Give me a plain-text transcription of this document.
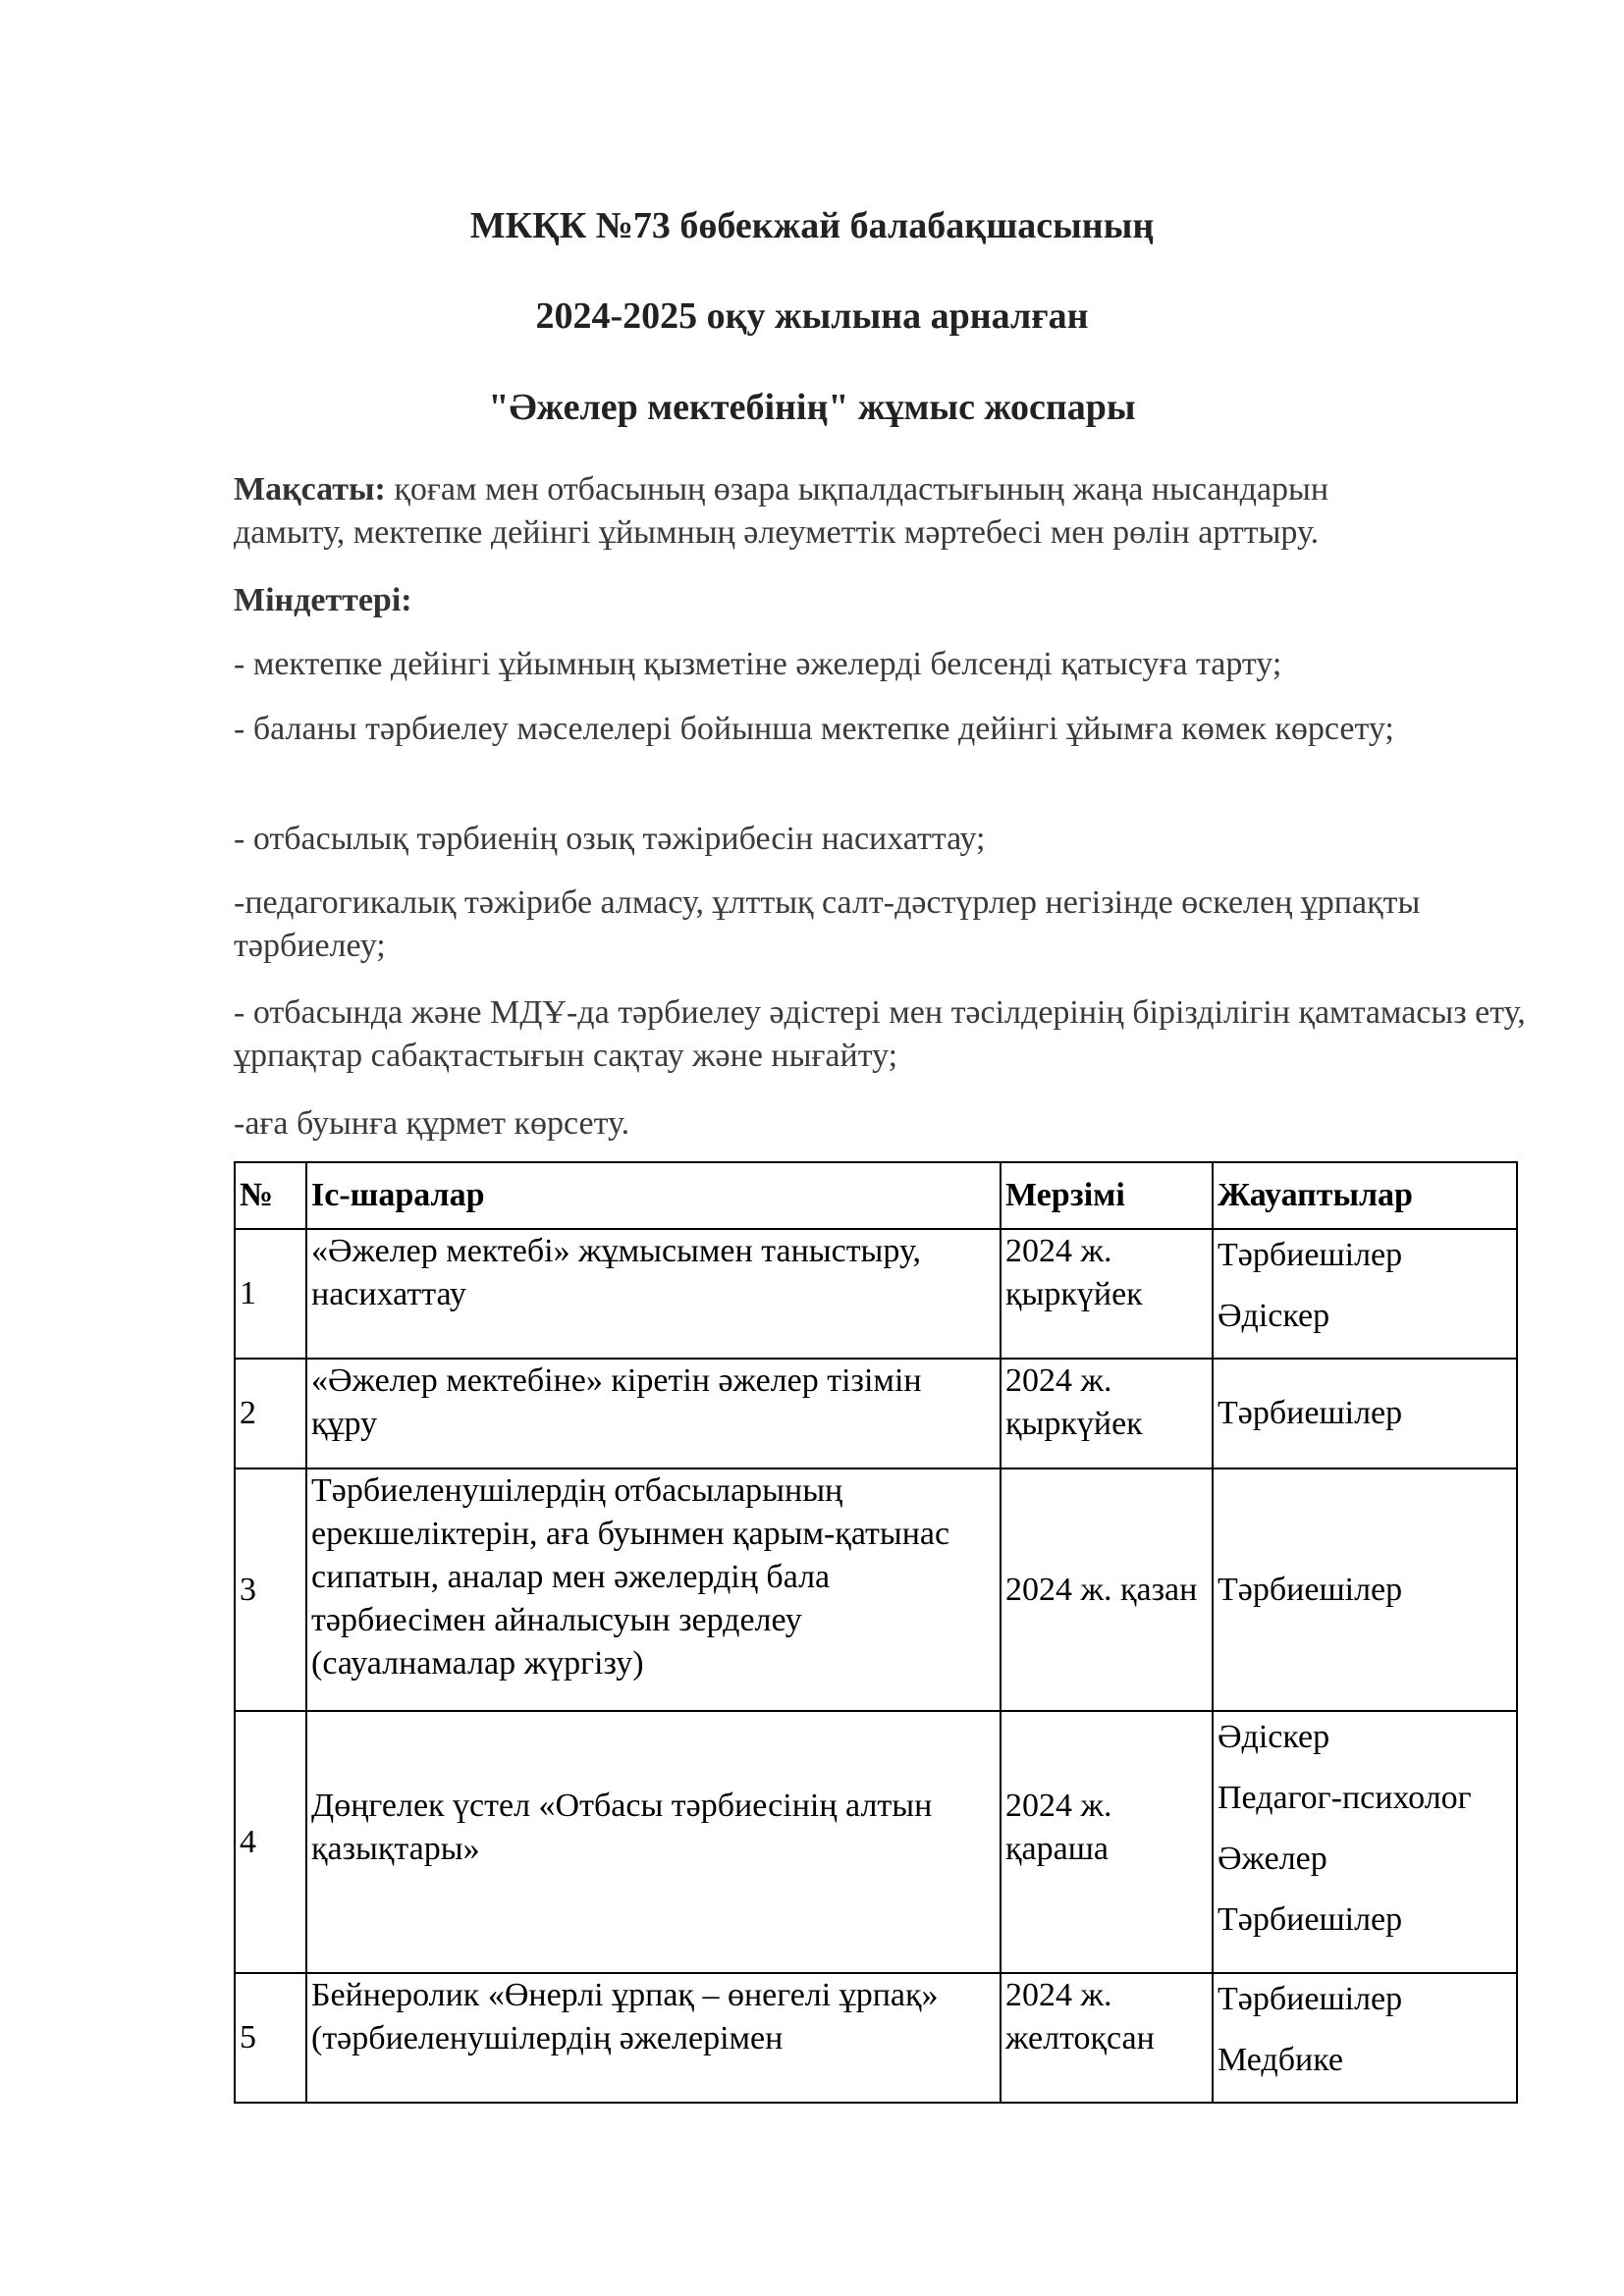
МКҚК №73 бөбекжай балабақшасының
2024-2025 оқу жылына арналған
"Әжелер мектебінің" жұмыс жоспары
Мақсаты: қоғам мен отбасының өзара ықпалдастығының жаңа нысандарын
дамыту, мектепке дейінгі ұйымның әлеуметтік мәртебесі мен рөлін арттыру.
Міндеттері:
- мектепке дейінгі ұйымның қызметіне әжелерді белсенді қатысуға тарту;
- баланы тәрбиелеу мәселелері бойынша мектепке дейінгі ұйымға көмек көрсету;
- отбасылық тәрбиенің озық тәжірибесін насихаттау;
-педагогикалық тәжірибе алмасу, ұлттық салт-дәстүрлер негізінде өскелең ұрпақты тәрбиелеу;
- отбасында және МДҰ-да тәрбиелеу әдістері мен тәсілдерінің бірізділігін қамтамасыз ету, ұрпақтар сабақтастығын сақтау және нығайту;
-аға буынға құрмет көрсету.
№	Іс-шаралар	Мерзімі	Жауаптылар
1	«Әжелер мектебі» жұмысымен таныстыру, насихаттау	2024 ж. қыркүйек	Тәрбиешілер
Әдіскер

2	«Әжелер мектебіне» кіретін әжелер тізімін құру	2024 ж. қыркүйек	Тәрбиешілер

3	Тәрбиеленушілердің отбасыларының ерекшеліктерін, аға буынмен қарым-қатынас сипатын, аналар мен әжелердің бала тәрбиесімен айналысуын зерделеу (сауалнамалар жүргізу)	2024 ж. қазан	Тәрбиешілер

4	Дөңгелек үстел «Отбасы тәрбиесінің алтын қазықтары»	2024 ж. қараша	Әдіскер
Педагог-психолог
Әжелер
Тәрбиешілер

5	Бейнеролик «Өнерлі ұрпақ – өнегелі ұрпақ» (тәрбиеленушілердің әжелерімен	2024 ж. желтоқсан	Тәрбиешілер
Медбике
